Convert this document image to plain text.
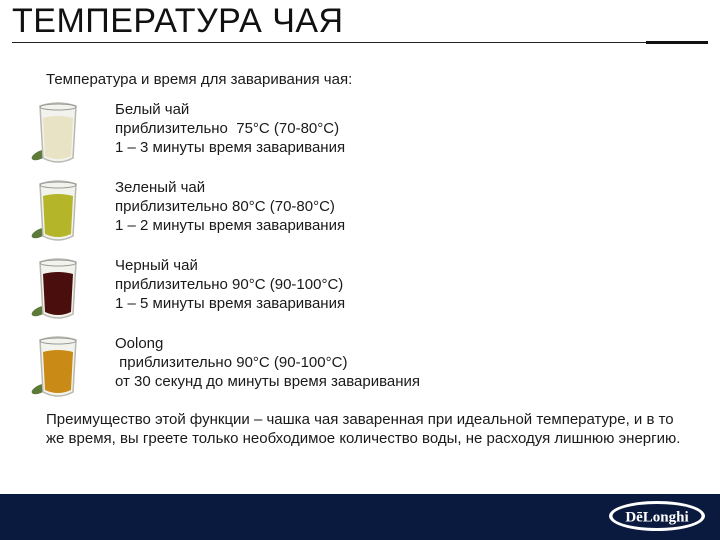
ТЕМПЕРАТУРА ЧАЯ
Температура и время для заваривания чая:
Белый чай
приблизительно  75°С (70-80°С)
1 – 3 минуты время заваривания
Зеленый чай
приблизительно 80°С (70-80°С)
1 – 2 минуты время заваривания
Черный чай
приблизительно 90°С (90-100°С)
1 – 5 минуты время заваривания
Oolong
приблизительно 90°С (90-100°С)
от 30 секунд до минуты время заваривания
Преимущество этой функции – чашка чая заваренная при идеальной температуре, и в то же время, вы греете только необходимое количество воды, не расходуя лишнюю энергию.
DēLonghi
